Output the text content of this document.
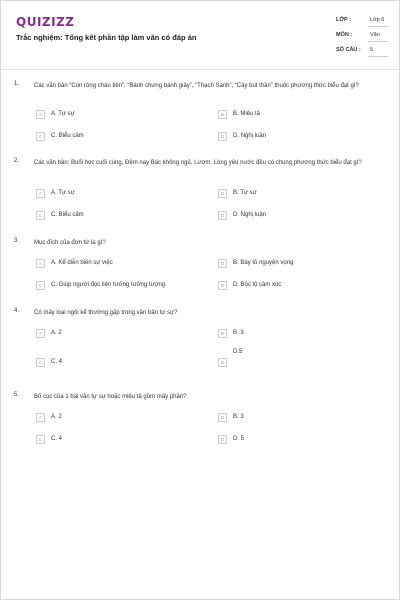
QUIZIZZ
Trắc nghiệm: Tổng kết phần tập làm văn có đáp án
LỚP :	Lớp 6
MÔN :	Văn
SỐ CÂU : 5
1. Các văn bản “Con rồng cháu tiên”, “Bánh chưng bánh giầy”, “Thạch Sanh”, “Cây bút thần” thuộc phương thức biểu đạt gì?
A	A. Tự sự	B	B. Miêu tả
C	C. Biểu cảm	D	D. Nghị luận
2. Các văn bản: Buổi học cuối cùng, Đêm nay Bác không ngủ, Lượm, Lòng yêu nước đều có chung phương thức biểu đạt gì?
A	A. Tự sự	B	B. Tự sự
C	C. Biểu cảm	D	D. Nghị luận
3. Mục đích của đơn từ là gì?
A	A. Kể diễn biến sự việc	B	B. Bày tỏ nguyện vọng
C	C. Giúp người đọc liên tưởng tưởng tượng	D	D. Bộc lộ cảm xúc
4. Có mấy loại ngôi kể thường gặp trong văn bản tự sự?
A	A. 2	B	B. 3
C	C. 4	D
D.5
5. Bố cục của 1 bài văn tự sự hoặc miêu tả gồm mấy phần?
A	A. 2	B	B. 3
C	C. 4	D	D. 5
